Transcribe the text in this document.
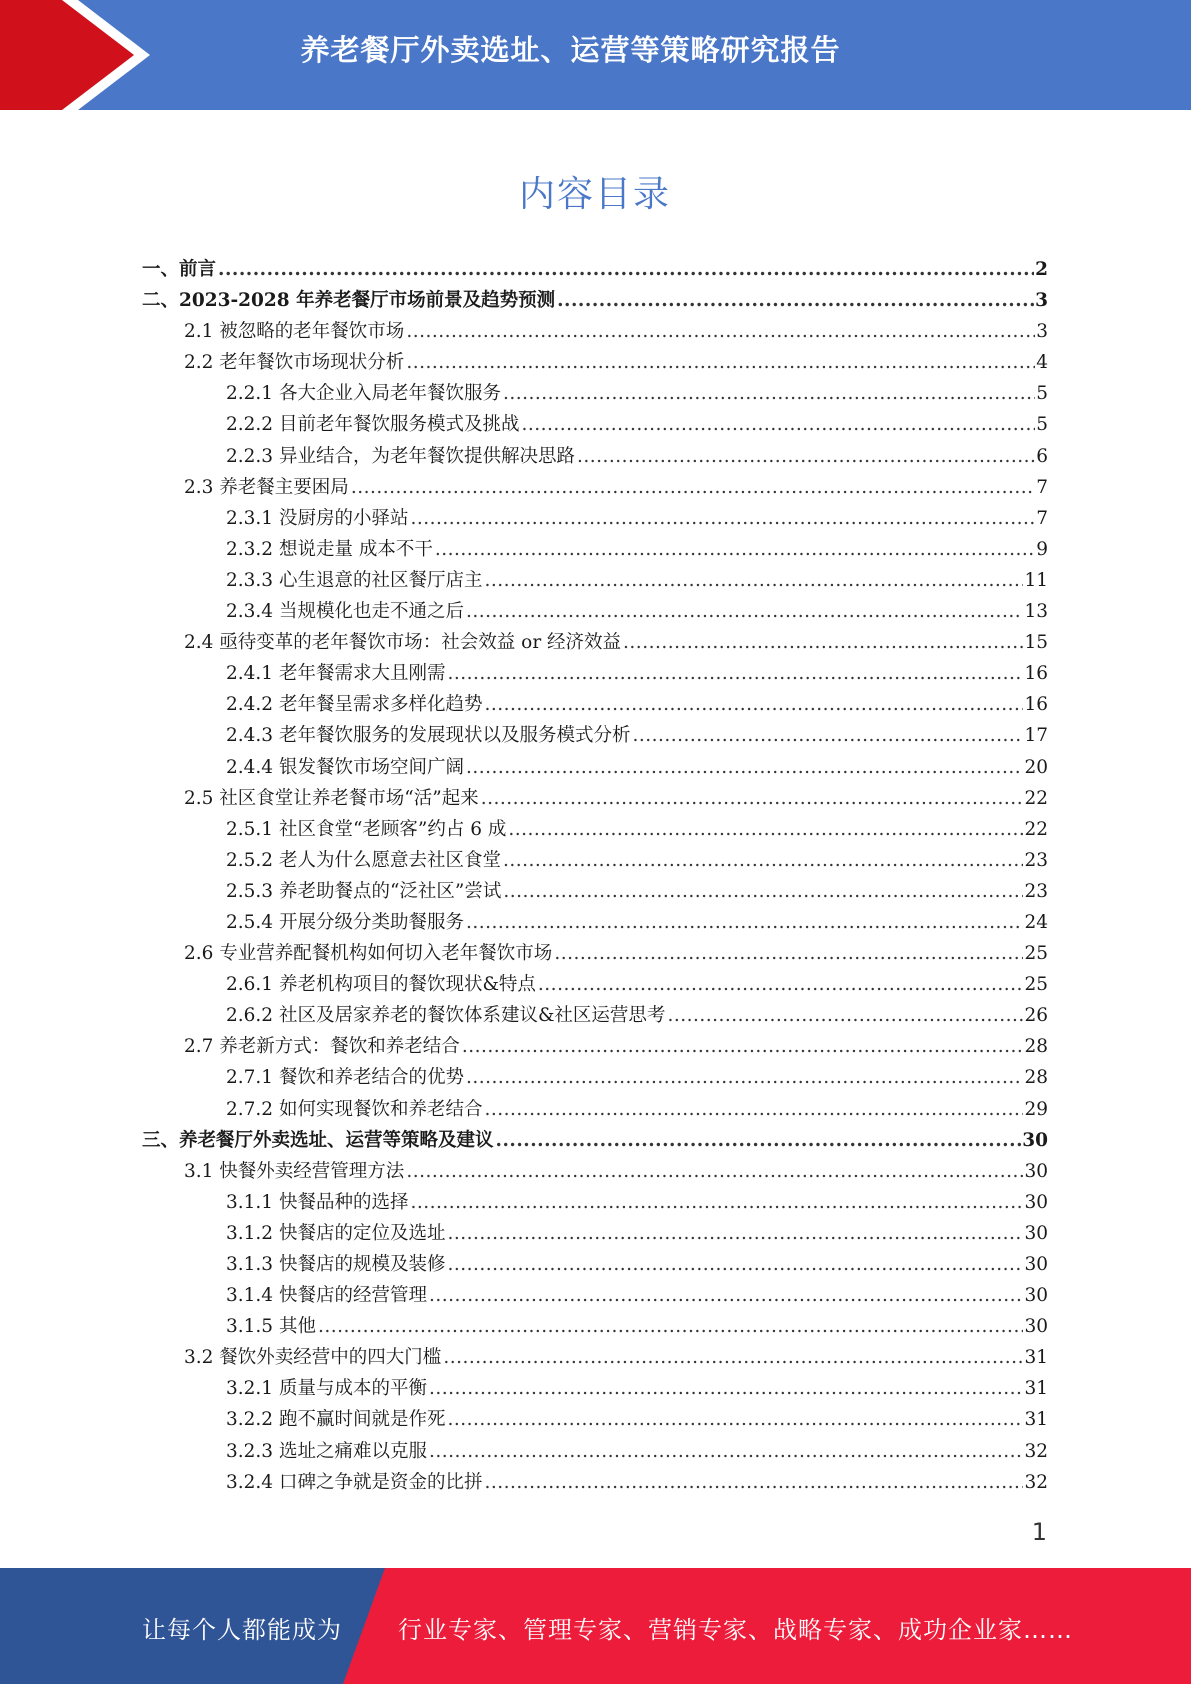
养老餐厅外卖选址、运营等策略研究报告
内容目录
一、前言 .....	2
二、2023-2028 年养老餐厅市场前景及趋势预测 .....	3
2.1 被忽略的老年餐饮市场 .....	3
2.2 老年餐饮市场现状分析 .....	4
2.2.1 各大企业入局老年餐饮服务 .....	5
2.2.2 目前老年餐饮服务模式及挑战 .....	5
2.2.3 异业结合，为老年餐饮提供解决思路 .....	6
2.3 养老餐主要困局 .....	7
2.3.1 没厨房的小驿站 .....	7
2.3.2 想说走量 成本不干 .....	9
2.3.3 心生退意的社区餐厅店主 .....	11
2.3.4 当规模化也走不通之后 .....	13
2.4 亟待变革的老年餐饮市场：社会效益 or 经济效益 .....	15
2.4.1 老年餐需求大且刚需 .....	16
2.4.2 老年餐呈需求多样化趋势 .....	16
2.4.3 老年餐饮服务的发展现状以及服务模式分析 .....	17
2.4.4 银发餐饮市场空间广阔 .....	20
2.5 社区食堂让养老餐市场“活”起来 .....	22
2.5.1 社区食堂“老顾客”约占 6 成 .....	22
2.5.2 老人为什么愿意去社区食堂 .....	23
2.5.3 养老助餐点的“泛社区”尝试 .....	23
2.5.4 开展分级分类助餐服务 .....	24
2.6 专业营养配餐机构如何切入老年餐饮市场 .....	25
2.6.1 养老机构项目的餐饮现状&特点 .....	25
2.6.2 社区及居家养老的餐饮体系建议&社区运营思考 .....	26
2.7 养老新方式：餐饮和养老结合 .....	28
2.7.1 餐饮和养老结合的优势 .....	28
2.7.2 如何实现餐饮和养老结合 .....	29
三、养老餐厅外卖选址、运营等策略及建议 .....	30
3.1 快餐外卖经营管理方法 .....	30
3.1.1 快餐品种的选择 .....	30
3.1.2 快餐店的定位及选址 .....	30
3.1.3 快餐店的规模及装修 .....	30
3.1.4 快餐店的经营管理 .....	30
3.1.5 其他 .....	30
3.2 餐饮外卖经营中的四大门槛 .....	31
3.2.1 质量与成本的平衡 .....	31
3.2.2 跑不赢时间就是作死 .....	31
3.2.3 选址之痛难以克服 .....	32
3.2.4 口碑之争就是资金的比拼 .....	32
1
让每个人都能成为 行业专家、管理专家、营销专家、战略专家、成功企业家……
